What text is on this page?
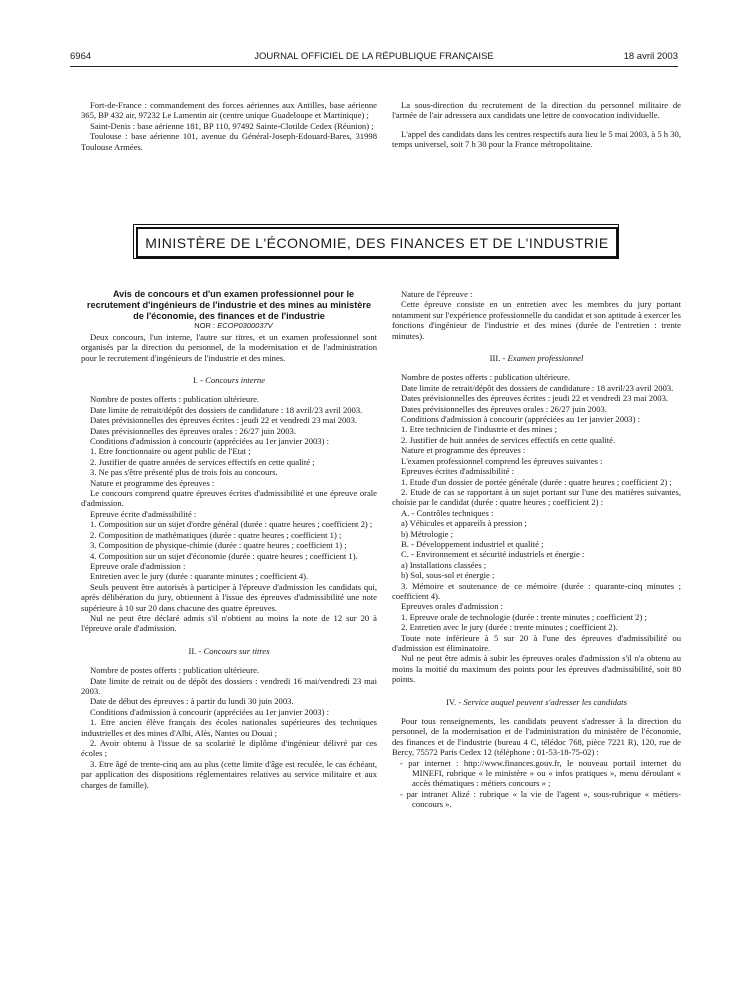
6964	JOURNAL OFFICIEL DE LA RÉPUBLIQUE FRANÇAISE	18 avril 2003

Fort-de-France : commandement des forces aériennes aux Antilles, base aérienne 365, BP 432 air, 97232 Le Lamentin air (centre unique Guadeloupe et Martinique) ;

Saint-Denis : base aérienne 181, BP 110, 97492 Sainte-Clotilde Cedex (Réunion) ;

Toulouse : base aérienne 101, avenue du Général-Joseph-Edouard-Bares, 31998 Toulouse Armées.

La sous-direction du recrutement de la direction du personnel militaire de l'armée de l'air adressera aux candidats une lettre de convocation individuelle.

L'appel des candidats dans les centres respectifs aura lieu le 5 mai 2003, à 5 h 30, temps universel, soit 7 h 30 pour la France métropolitaine.

MINISTÈRE DE L'ÉCONOMIE, DES FINANCES ET DE L'INDUSTRIE

Avis de concours et d'un examen professionnel pour le recrutement d'ingénieurs de l'industrie et des mines au ministère de l'économie, des finances et de l'industrie

NOR : ECOP0300037V

Deux concours, l'un interne, l'autre sur titres, et un examen professionnel sont organisés par la direction du personnel, de la modernisation et de l'administration pour le recrutement d'ingénieurs de l'industrie et des mines.

I. - Concours interne

Nombre de postes offerts : publication ultérieure.

Date limite de retrait/dépôt des dossiers de candidature : 18 avril/23 avril 2003.

Dates prévisionnelles des épreuves écrites : jeudi 22 et vendredi 23 mai 2003.

Dates prévisionnelles des épreuves orales : 26/27 juin 2003.

Conditions d'admission à concourir (appréciées au 1er janvier 2003) :

1. Etre fonctionnaire ou agent public de l'Etat ;

2. Justifier de quatre années de services effectifs en cette qualité ;

3. Ne pas s'être présenté plus de trois fois au concours.

Nature et programme des épreuves :

Le concours comprend quatre épreuves écrites d'admissibilité et une épreuve orale d'admission.

Epreuve écrite d'admissibilité :

1. Composition sur un sujet d'ordre général (durée : quatre heures ; coefficient 2) ;

2. Composition de mathématiques (durée : quatre heures ; coefficient 1) ;

3. Composition de physique-chimie (durée : quatre heures ; coefficient 1) ;

4. Composition sur un sujet d'économie (durée : quatre heures ; coefficient 1).

Epreuve orale d'admission :

Entretien avec le jury (durée : quarante minutes ; coefficient 4).

Seuls peuvent être autorisés à participer à l'épreuve d'admission les candidats qui, après délibération du jury, obtiennent à l'issue des épreuves d'admissibilité une note supérieure à 10 sur 20 dans chacune des quatre épreuves.

Nul ne peut être déclaré admis s'il n'obtient au moins la note de 12 sur 20 à l'épreuve orale d'admission.

II. - Concours sur titres

Nombre de postes offerts : publication ultérieure.

Date limite de retrait ou de dépôt des dossiers : vendredi 16 mai/vendredi 23 mai 2003.

Date de début des épreuves : à partir du lundi 30 juin 2003.

Conditions d'admission à concourir (appréciées au 1er janvier 2003) :

1. Etre ancien élève français des écoles nationales supérieures des techniques industrielles et des mines d'Albi, Alès, Nantes ou Douai ;

2. Avoir obtenu à l'issue de sa scolarité le diplôme d'ingénieur délivré par ces écoles ;

3. Etre âgé de trente-cinq ans au plus (cette limite d'âge est reculée, le cas échéant, par application des dispositions réglementaires relatives au service militaire et aux charges de famille).

Nature de l'épreuve :

Cette épreuve consiste en un entretien avec les membres du jury portant notamment sur l'expérience professionnelle du candidat et son aptitude à exercer les fonctions d'ingénieur de l'industrie et des mines (durée de l'entretien : trente minutes).

III. - Examen professionnel

Nombre de postes offerts : publication ultérieure.

Date limite de retrait/dépôt des dossiers de candidature : 18 avril/23 avril 2003.

Dates prévisionnelles des épreuves écrites : jeudi 22 et vendredi 23 mai 2003.

Dates prévisionnelles des épreuves orales : 26/27 juin 2003.

Conditions d'admission à concourir (appréciées au 1er janvier 2003) :

1. Etre technicien de l'industrie et des mines ;

2. Justifier de huit années de services effectifs en cette qualité.

Nature et programme des épreuves :

L'examen professionnel comprend les épreuves suivantes :

Epreuves écrites d'admissibilité :

1. Etude d'un dossier de portée générale (durée : quatre heures ; coefficient 2) ;

2. Etude de cas se rapportant à un sujet portant sur l'une des matières suivantes, choisie par le candidat (durée : quatre heures ; coefficient 2) :

A. - Contrôles techniques :

a) Véhicules et appareils à pression ;

b) Métrologie ;

B. - Développement industriel et qualité ;

C. - Environnement et sécurité industriels et énergie :

a) Installations classées ;

b) Sol, sous-sol et énergie ;

3. Mémoire et soutenance de ce mémoire (durée : quarante-cinq minutes ; coefficient 4).

Epreuves orales d'admission :

1. Epreuve orale de technologie (durée : trente minutes ; coefficient 2) ;

2. Entretien avec le jury (durée : trente minutes ; coefficient 2).

Toute note inférieure à 5 sur 20 à l'une des épreuves d'admissibilité ou d'admission est éliminatoire.

Nul ne peut être admis à subir les épreuves orales d'admission s'il n'a obtenu au moins la moitié du maximum des points pour les épreuves d'admissibilité, soit 80 points.

IV. - Service auquel peuvent s'adresser les candidats

Pour tous renseignements, les candidats peuvent s'adresser à la direction du personnel, de la modernisation et de l'administration du ministère de l'économie, des finances et de l'industrie (bureau 4 C, télédoc 768, pièce 7221 R), 120, rue de Bercy, 75572 Paris Cedex 12 (téléphone : 01-53-18-75-02) :

- par internet : http://www.finances.gouv.fr, le nouveau portail internet du MINEFI, rubrique « le ministère » ou « infos pratiques », menu déroulant « accès thématiques : métiers concours » ;
- par intranet Alizé : rubrique « la vie de l'agent », sous-rubrique « métiers-concours ».
